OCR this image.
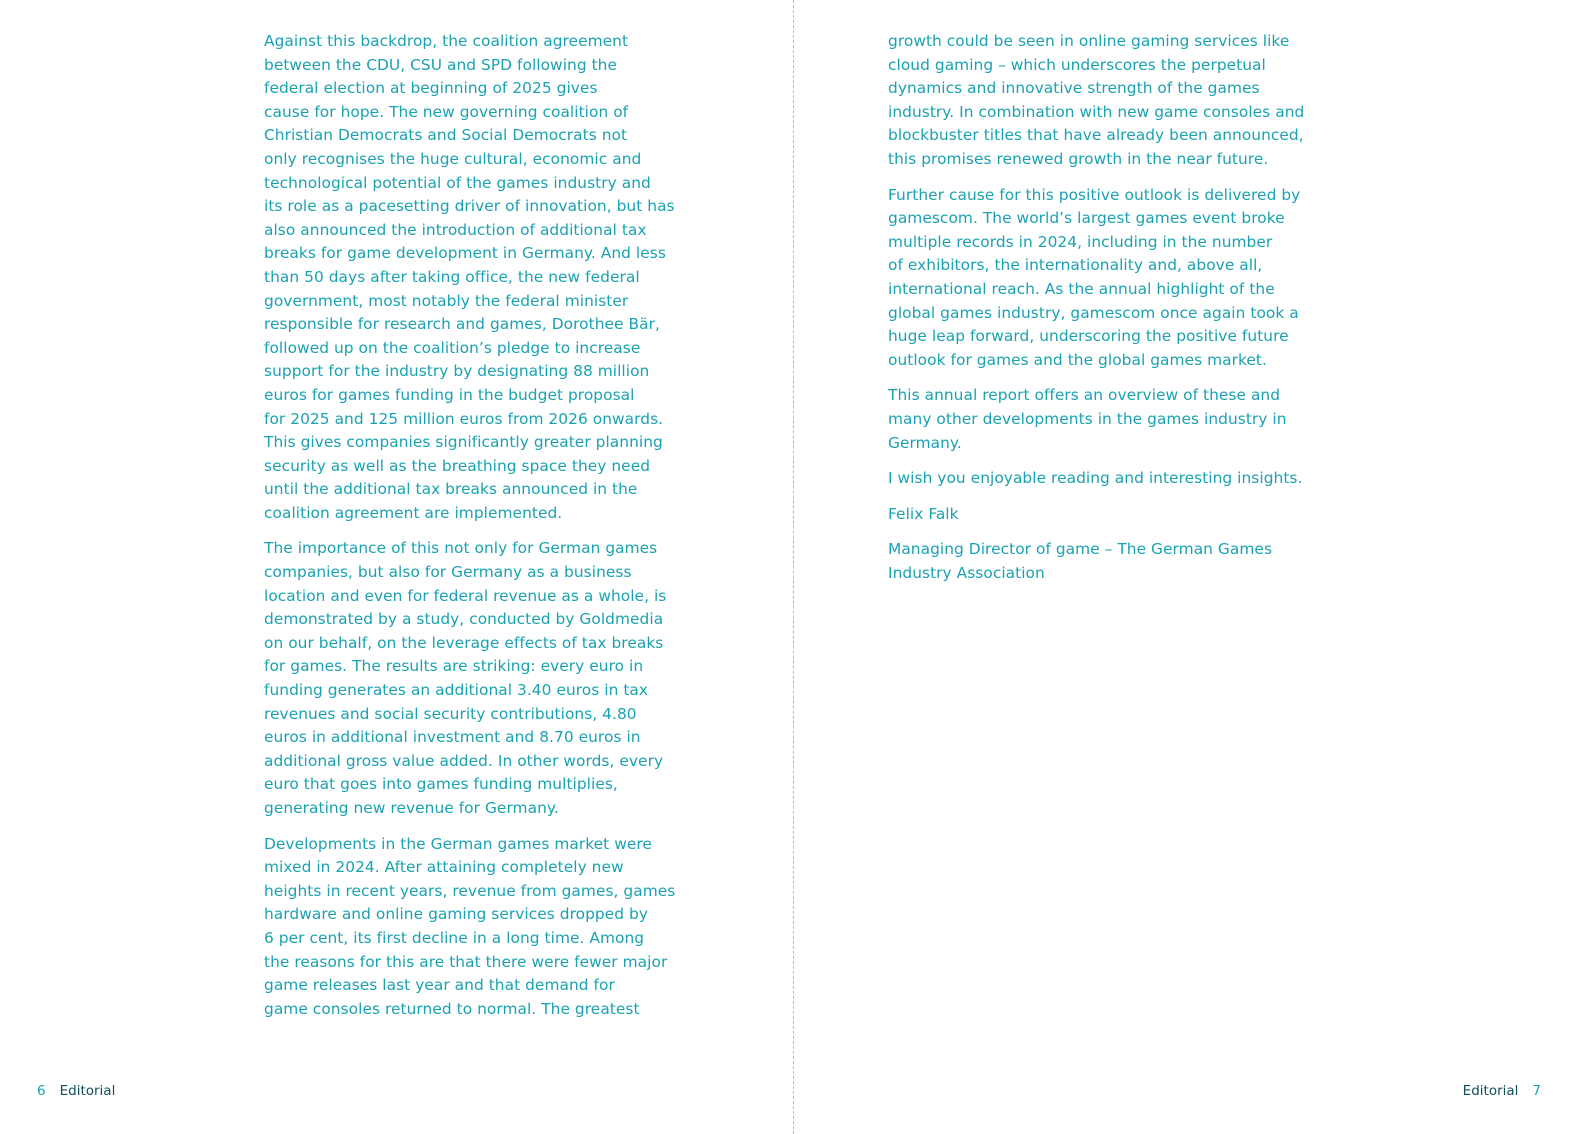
Against this backdrop, the coalition agreement
between the CDU, CSU and SPD following the
federal election at beginning of 2025 gives
cause for hope. The new governing coalition of
Christian Democrats and Social Democrats not
only recognises the huge cultural, economic and
technological potential of the games industry and
its role as a pacesetting driver of innovation, but has
also announced the introduction of additional tax
breaks for game development in Germany. And less
than 50 days after taking office, the new federal
government, most notably the federal minister
responsible for research and games, Dorothee Bär,
followed up on the coalition’s pledge to increase
support for the industry by designating 88 million
euros for games funding in the budget proposal
for 2025 and 125 million euros from 2026 onwards.
This gives companies significantly greater planning
security as well as the breathing space they need
until the additional tax breaks announced in the
coalition agreement are implemented.

The importance of this not only for German games
companies, but also for Germany as a business
location and even for federal revenue as a whole, is
demonstrated by a study, conducted by Goldmedia
on our behalf, on the leverage effects of tax breaks
for games. The results are striking: every euro in
funding generates an additional 3.40 euros in tax
revenues and social security contributions, 4.80
euros in additional investment and 8.70 euros in
additional gross value added. In other words, every
euro that goes into games funding multiplies,
generating new revenue for Germany.

Developments in the German games market were
mixed in 2024. After attaining completely new
heights in recent years, revenue from games, games
hardware and online gaming services dropped by
6 per cent, its first decline in a long time. Among
the reasons for this are that there were fewer major
game releases last year and that demand for
game consoles returned to normal. The greatest

growth could be seen in online gaming services like
cloud gaming – which underscores the perpetual
dynamics and innovative strength of the games
industry. In combination with new game consoles and
blockbuster titles that have already been announced,
this promises renewed growth in the near future.

Further cause for this positive outlook is delivered by
gamescom. The world’s largest games event broke
multiple records in 2024, including in the number
of exhibitors, the internationality and, above all,
international reach. As the annual highlight of the
global games industry, gamescom once again took a
huge leap forward, underscoring the positive future
outlook for games and the global games market.

This annual report offers an overview of these and
many other developments in the games industry in
Germany.

I wish you enjoyable reading and interesting insights.

Felix Falk

Managing Director of game – The German Games
Industry Association

6 Editorial	Editorial 7
